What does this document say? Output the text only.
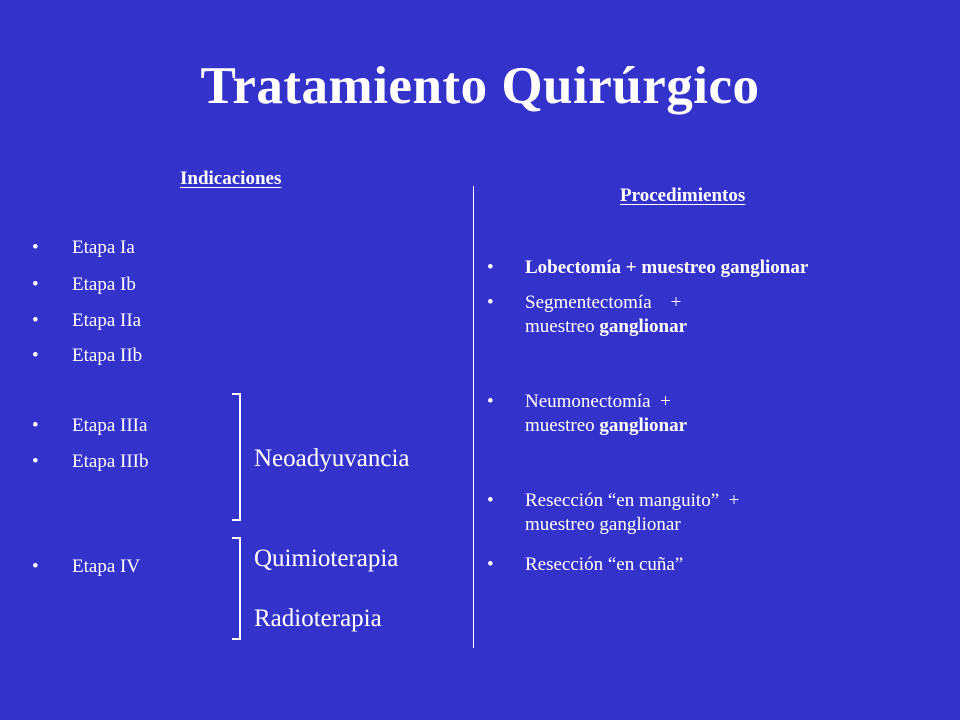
Tratamiento Quirúrgico
Indicaciones
• Etapa Ia
• Etapa Ib
• Etapa IIa
• Etapa IIb
• Etapa IIIa
• Etapa IIIb
• Etapa IV
Neoadyuvancia
Quimioterapia
Radioterapia
Procedimientos
• Lobectomía + muestreo ganglionar
• Segmentectomía    +
muestreo ganglionar
• Neumonectomía  +
muestreo ganglionar
• Resección “en manguito”  +
muestreo ganglionar
• Resección “en cuña”
